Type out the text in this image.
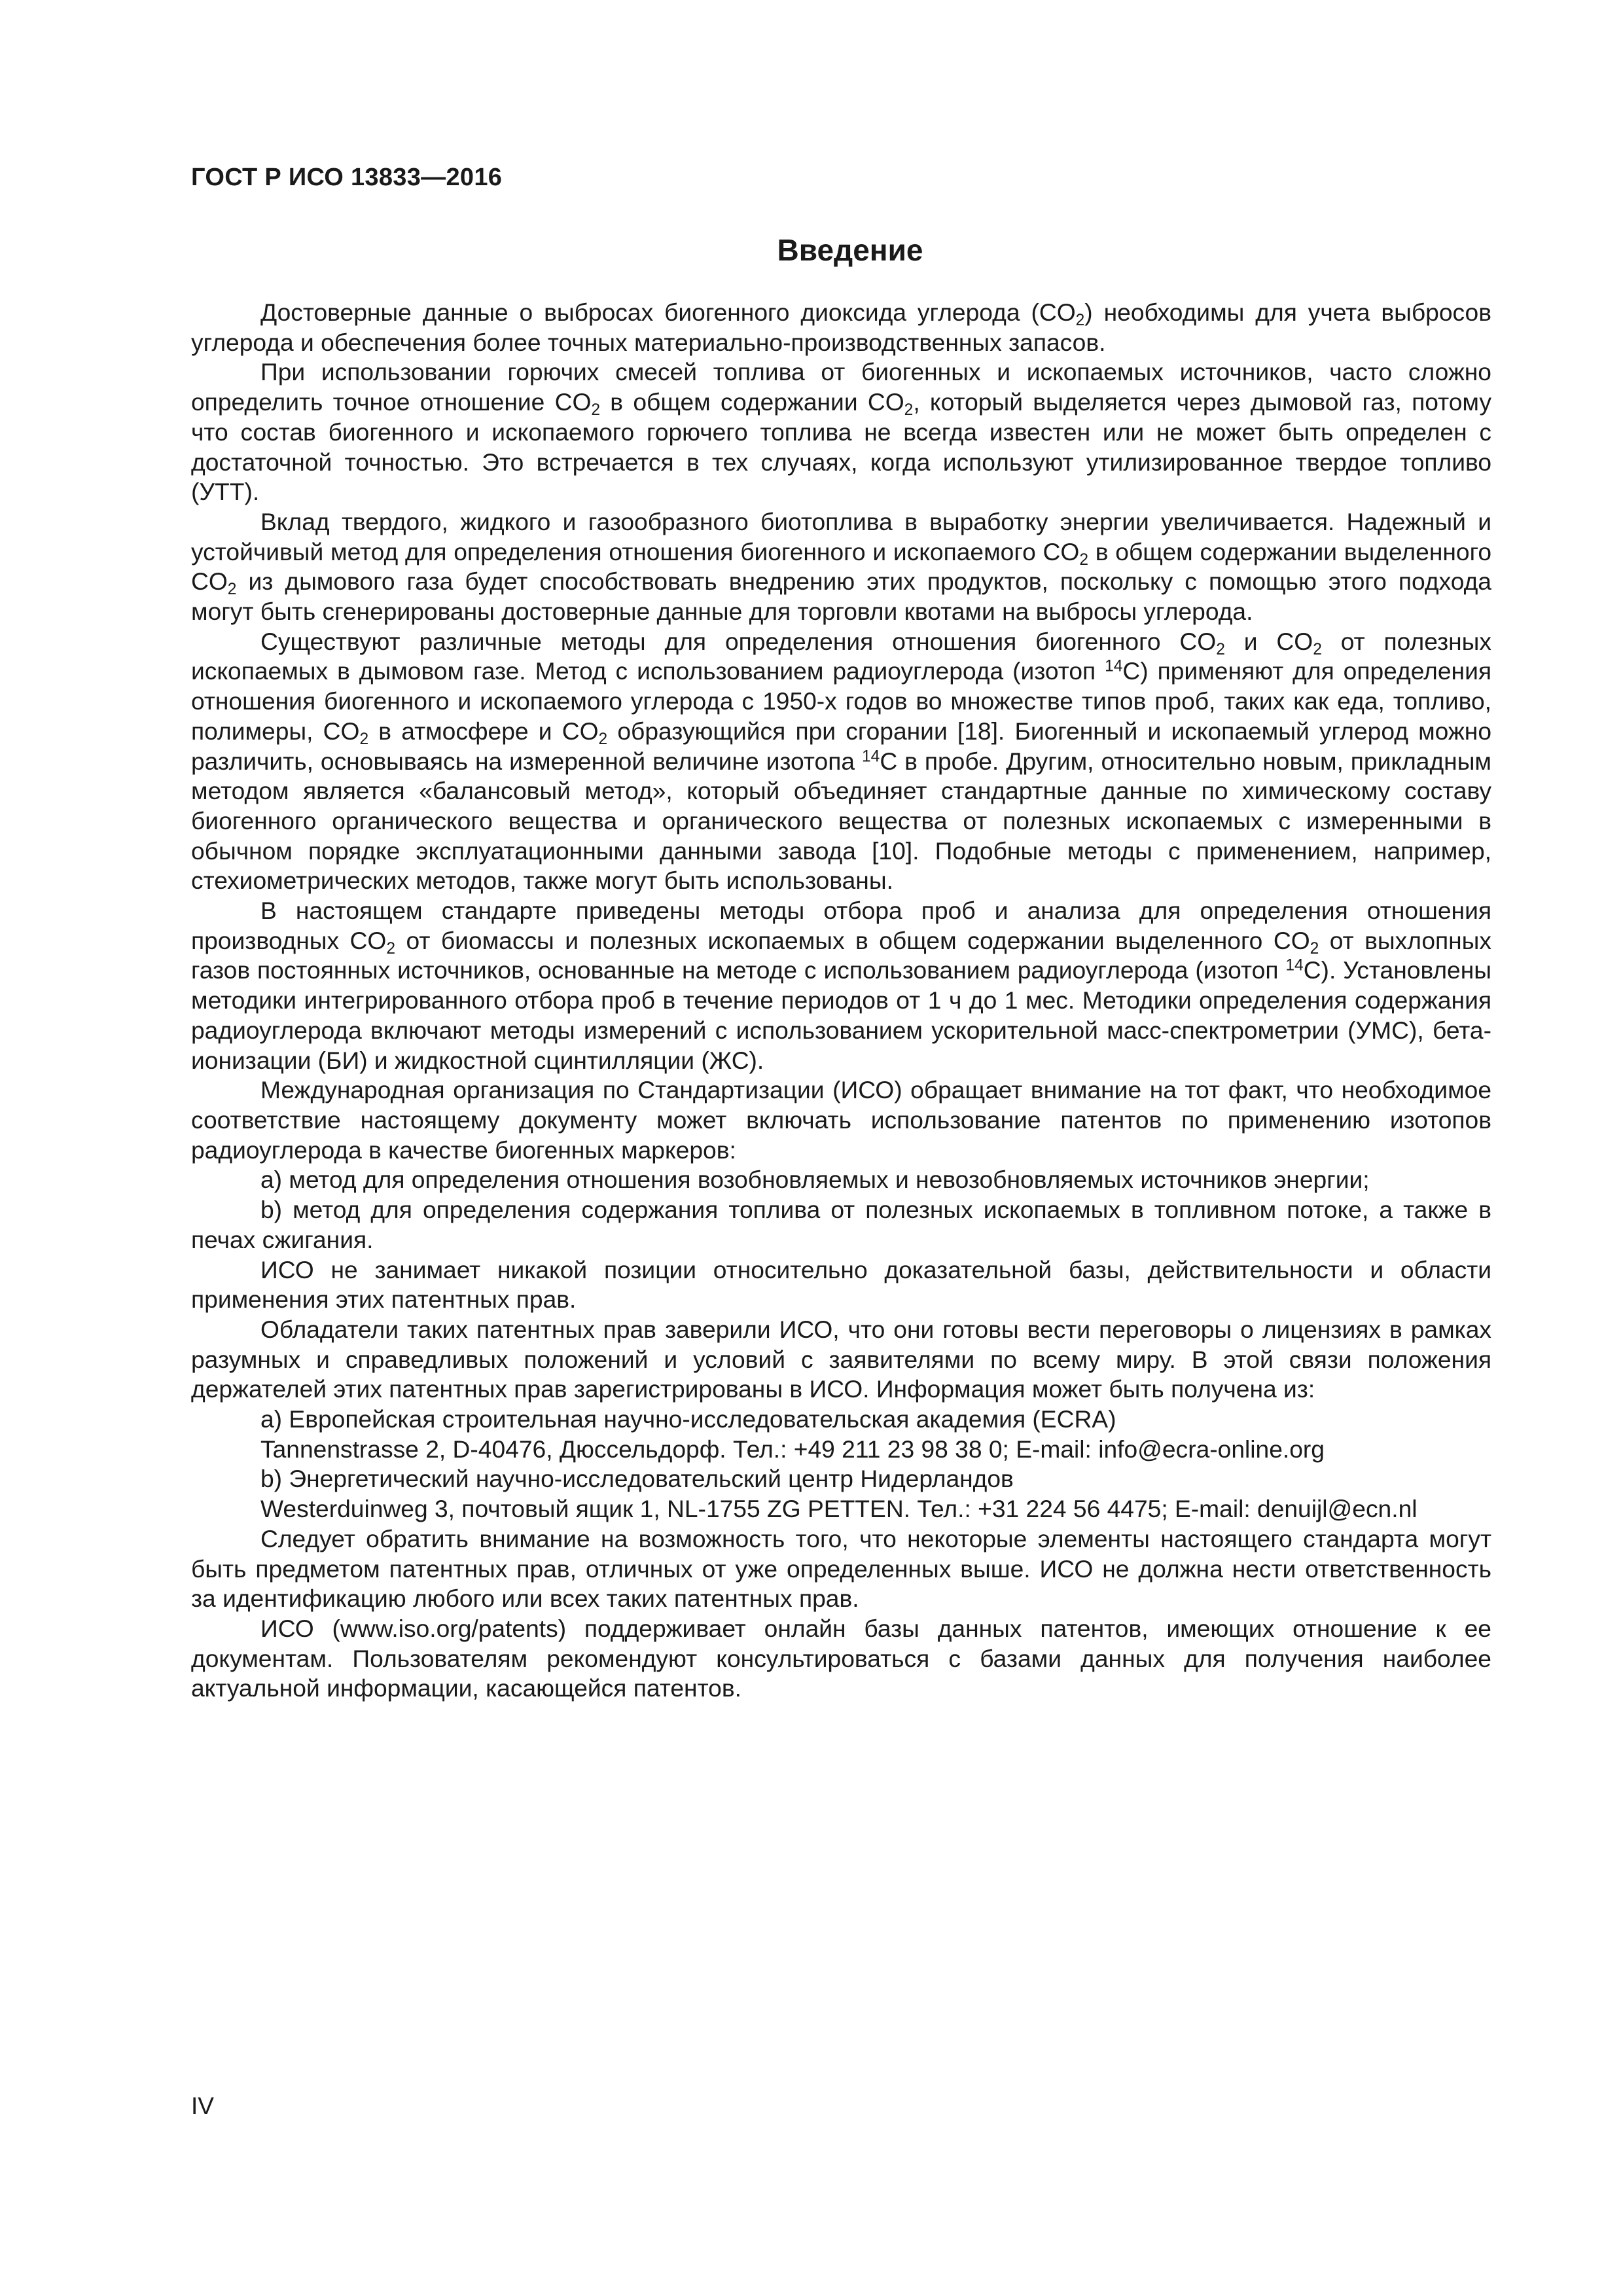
ГОСТ Р ИСО 13833—2016
Введение

Достоверные данные о выбросах биогенного диоксида углерода $(CO_2)$ необходимы для учета выбросов углерода и обеспечения более точных материально-производственных запасов.

При использовании горючих смесей топлива от биогенных и ископаемых источников, часто сложно определить точное отношение $CO_2$ в общем содержании $CO_2$, который выделяется через дымовой газ, потому что состав биогенного и ископаемого горючего топлива не всегда известен или не может быть определен с достаточной точностью. Это встречается в тех случаях, когда используют утилизированное твердое топливо (УТТ).

Вклад твердого, жидкого и газообразного биотоплива в выработку энергии увеличивается. Надежный и устойчивый метод для определения отношения биогенного и ископаемого $CO_2$ в общем содержании выделенного $CO_2$ из дымового газа будет способствовать внедрению этих продуктов, поскольку с помощью этого подхода могут быть сгенерированы достоверные данные для торговли квотами на выбросы углерода.

Существуют различные методы для определения отношения биогенного $CO_2$ и $CO_2$ от полезных ископаемых в дымовом газе. Метод с использованием радиоуглерода (изотоп $^{14}$C) применяют для определения отношения биогенного и ископаемого углерода с 1950-х годов во множестве типов проб, таких как еда, топливо, полимеры, $CO_2$ в атмосфере и $CO_2$ образующийся при сгорании [18]. Биогенный и ископаемый углерод можно различить, основываясь на измеренной величине изотопа $^{14}$C в пробе. Другим, относительно новым, прикладным методом является «балансовый метод», который объединяет стандартные данные по химическому составу биогенного органического вещества и органического вещества от полезных ископаемых с измеренными в обычном порядке эксплуатационными данными завода [10]. Подобные методы с применением, например, стехиометрических методов, также могут быть использованы.

В настоящем стандарте приведены методы отбора проб и анализа для определения отношения производных $CO_2$ от биомассы и полезных ископаемых в общем содержании выделенного $CO_2$ от выхлопных газов постоянных источников, основанные на методе с использованием радиоуглерода (изотоп $^{14}$C). Установлены методики интегрированного отбора проб в течение периодов от 1 ч до 1 мес. Методики определения содержания радиоуглерода включают методы измерений с использованием ускорительной масс-спектрометрии (УМС), бета-ионизации (БИ) и жидкостной сцинтилляции (ЖС).

Международная организация по Стандартизации (ИСО) обращает внимание на тот факт, что необходимое соответствие настоящему документу может включать использование патентов по применению изотопов радиоуглерода в качестве биогенных маркеров:

a) метод для определения отношения возобновляемых и невозобновляемых источников энергии;

b) метод для определения содержания топлива от полезных ископаемых в топливном потоке, а также в печах сжигания.

ИСО не занимает никакой позиции относительно доказательной базы, действительности и области применения этих патентных прав.

Обладатели таких патентных прав заверили ИСО, что они готовы вести переговоры о лицензиях в рамках разумных и справедливых положений и условий с заявителями по всему миру. В этой связи положения держателей этих патентных прав зарегистрированы в ИСО. Информация может быть получена из:

a) Европейская строительная научно-исследовательская академия (ECRA)

Tannenstrasse 2, D-40476, Дюссельдорф. Тел.: +49 211 23 98 38 0; E-mail: info@ecra-online.org

b) Энергетический научно-исследовательский центр Нидерландов

Westerduinweg 3, почтовый ящик 1, NL-1755 ZG PETTEN. Тел.: +31 224 56 4475; E-mail: denuijl@ecn.nl

Следует обратить внимание на возможность того, что некоторые элементы настоящего стандарта могут быть предметом патентных прав, отличных от уже определенных выше. ИСО не должна нести ответственность за идентификацию любого или всех таких патентных прав.

ИСО (www.iso.org/patents) поддерживает онлайн базы данных патентов, имеющих отношение к ее документам. Пользователям рекомендуют консультироваться с базами данных для получения наиболее актуальной информации, касающейся патентов.

IV
